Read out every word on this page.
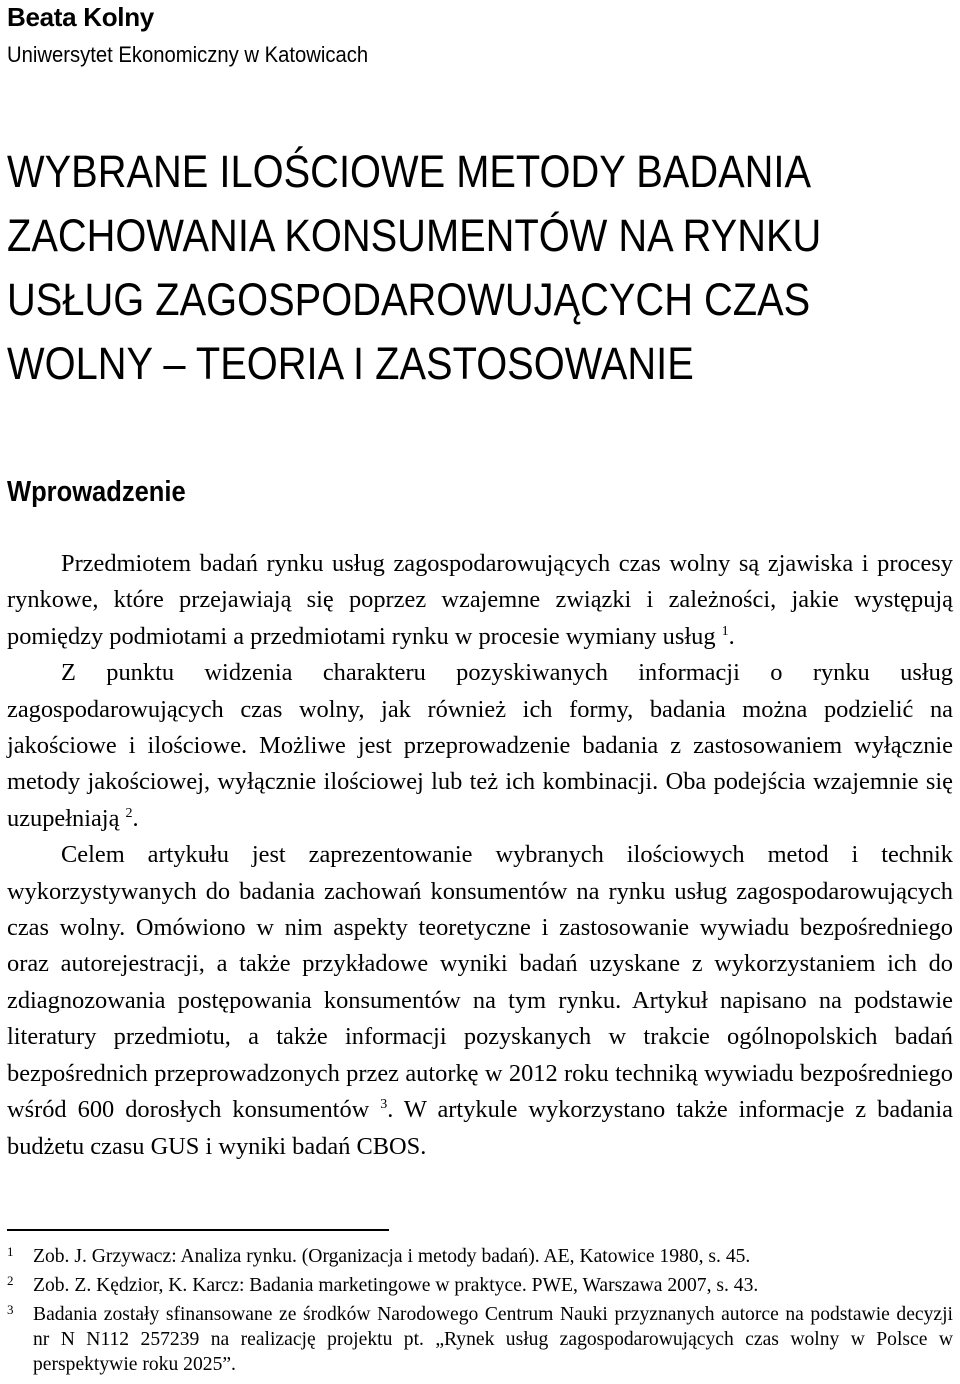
Beata Kolny
Uniwersytet Ekonomiczny w Katowicach
WYBRANE ILOŚCIOWE METODY BADANIA
ZACHOWANIA KONSUMENTÓW NA RYNKU
USŁUG ZAGOSPODAROWUJĄCYCH CZAS
WOLNY – TEORIA I ZASTOSOWANIE
Wprowadzenie

Przedmiotem badań rynku usług zagospodarowujących czas wolny są zjawiska i procesy rynkowe, które przejawiają się poprzez wzajemne związki i zależności, jakie występują pomiędzy podmiotami a przedmiotami rynku w procesie wymiany usług $^1$.

Z punktu widzenia charakteru pozyskiwanych informacji o rynku usług zagospodarowujących czas wolny, jak również ich formy, badania można podzielić na jakościowe i ilościowe. Możliwe jest przeprowadzenie badania z zastosowaniem wyłącznie metody jakościowej, wyłącznie ilościowej lub też ich kombinacji. Oba podejścia wzajemnie się uzupełniają $^2$.

Celem artykułu jest zaprezentowanie wybranych ilościowych metod i technik wykorzystywanych do badania zachowań konsumentów na rynku usług zagospodarowujących czas wolny. Omówiono w nim aspekty teoretyczne i zastosowanie wywiadu bezpośredniego oraz autorejestracji, a także przykładowe wyniki badań uzyskane z wykorzystaniem ich do zdiagnozowania postępowania konsumentów na tym rynku. Artykuł napisano na podstawie literatury przedmiotu, a także informacji pozyskanych w trakcie ogólnopolskich badań bezpośrednich przeprowadzonych przez autorkę w 2012 roku techniką wywiadu bezpośredniego wśród 600 dorosłych konsumentów $^3$. W artykule wykorzystano także informacje z badania budżetu czasu GUS i wyniki badań CBOS.

1 Zob. J. Grzywacz: Analiza rynku. (Organizacja i metody badań). AE, Katowice 1980, s. 45.
2 Zob. Z. Kędzior, K. Karcz: Badania marketingowe w praktyce. PWE, Warszawa 2007, s. 43.
3 Badania zostały sfinansowane ze środków Narodowego Centrum Nauki przyznanych autorce na podstawie decyzji nr N N112 257239 na realizację projektu pt. „Rynek usług zagospodarowujących czas wolny w Polsce w perspektywie roku 2025”.
